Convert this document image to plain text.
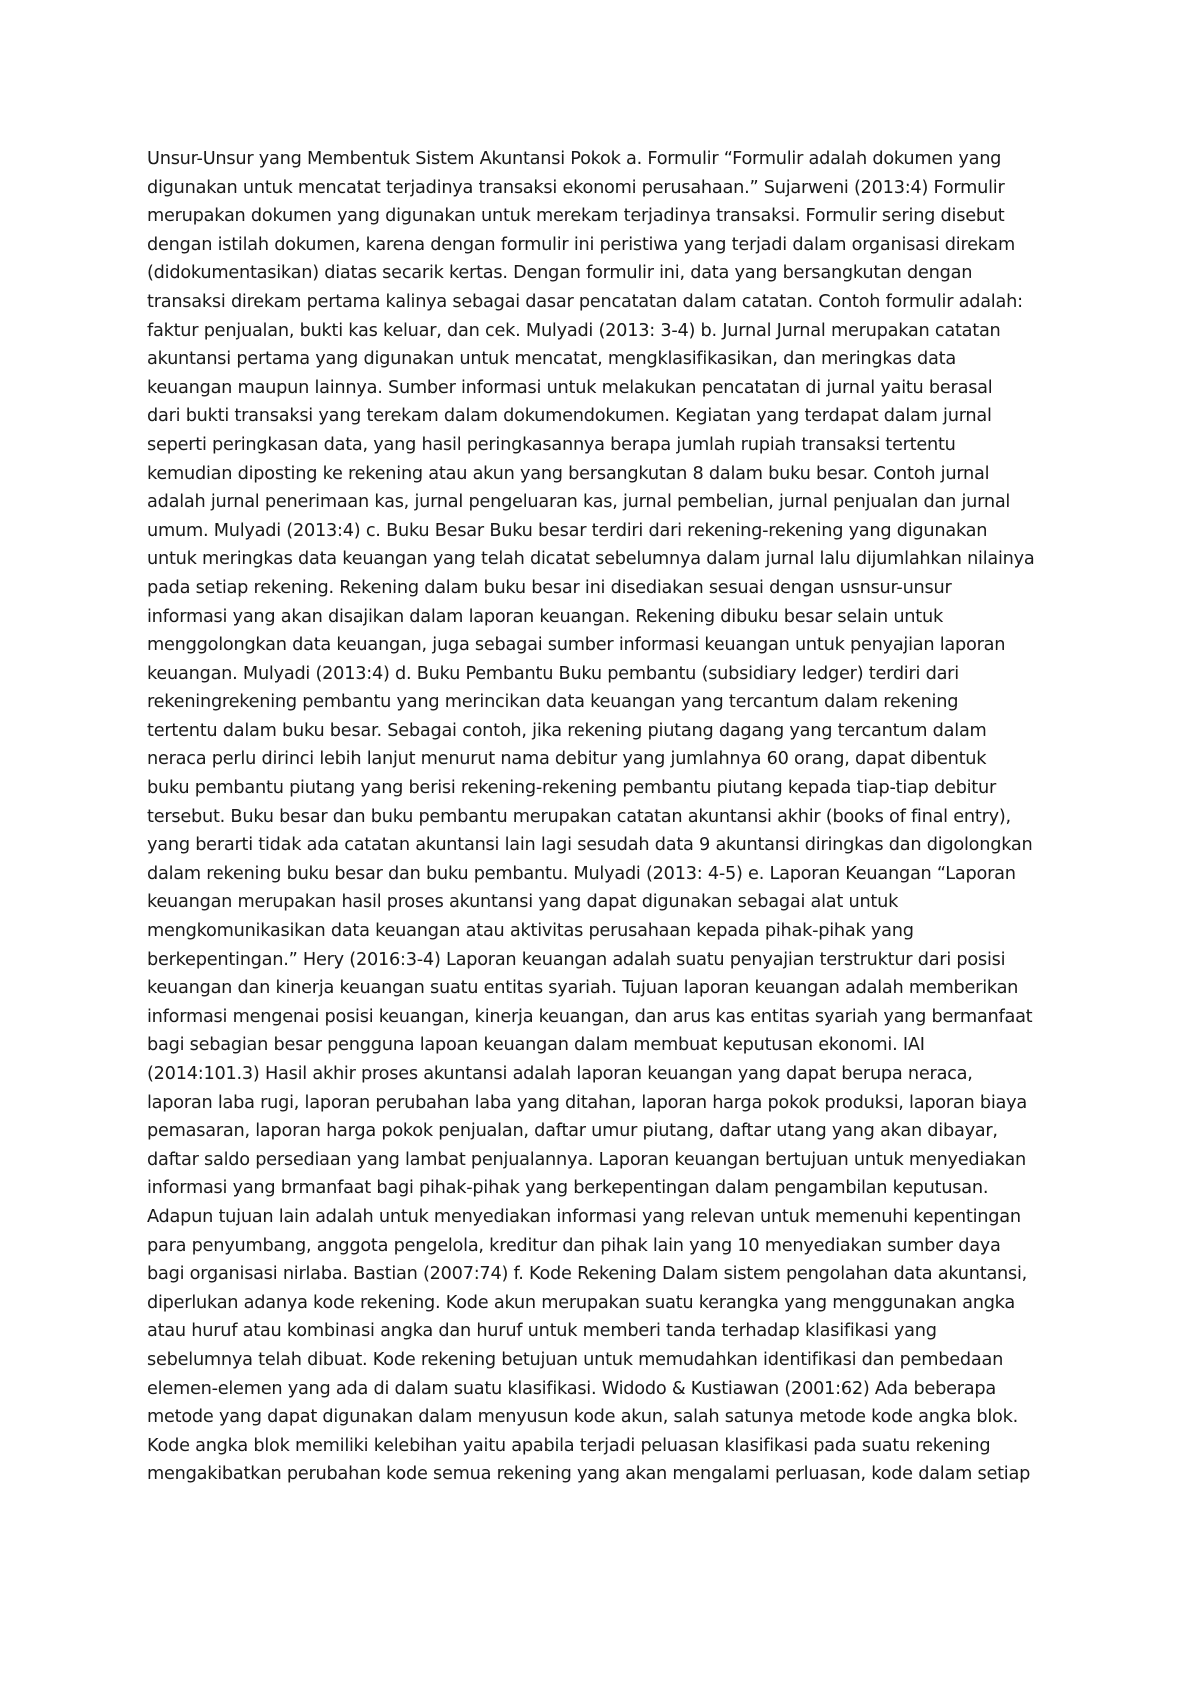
Unsur-Unsur yang Membentuk Sistem Akuntansi Pokok a. Formulir “Formulir adalah dokumen yang
digunakan untuk mencatat terjadinya transaksi ekonomi perusahaan.” Sujarweni (2013:4) Formulir
merupakan dokumen yang digunakan untuk merekam terjadinya transaksi. Formulir sering disebut
dengan istilah dokumen, karena dengan formulir ini peristiwa yang terjadi dalam organisasi direkam
(didokumentasikan) diatas secarik kertas. Dengan formulir ini, data yang bersangkutan dengan
transaksi direkam pertama kalinya sebagai dasar pencatatan dalam catatan. Contoh formulir adalah:
faktur penjualan, bukti kas keluar, dan cek. Mulyadi (2013: 3-4) b. Jurnal Jurnal merupakan catatan
akuntansi pertama yang digunakan untuk mencatat, mengklasifikasikan, dan meringkas data
keuangan maupun lainnya. Sumber informasi untuk melakukan pencatatan di jurnal yaitu berasal
dari bukti transaksi yang terekam dalam dokumendokumen. Kegiatan yang terdapat dalam jurnal
seperti peringkasan data, yang hasil peringkasannya berapa jumlah rupiah transaksi tertentu
kemudian diposting ke rekening atau akun yang bersangkutan 8 dalam buku besar. Contoh jurnal
adalah jurnal penerimaan kas, jurnal pengeluaran kas, jurnal pembelian, jurnal penjualan dan jurnal
umum. Mulyadi (2013:4) c. Buku Besar Buku besar terdiri dari rekening-rekening yang digunakan
untuk meringkas data keuangan yang telah dicatat sebelumnya dalam jurnal lalu dijumlahkan nilainya
pada setiap rekening. Rekening dalam buku besar ini disediakan sesuai dengan usnsur-unsur
informasi yang akan disajikan dalam laporan keuangan. Rekening dibuku besar selain untuk
menggolongkan data keuangan, juga sebagai sumber informasi keuangan untuk penyajian laporan
keuangan. Mulyadi (2013:4) d. Buku Pembantu Buku pembantu (subsidiary ledger) terdiri dari
rekeningrekening pembantu yang merincikan data keuangan yang tercantum dalam rekening
tertentu dalam buku besar. Sebagai contoh, jika rekening piutang dagang yang tercantum dalam
neraca perlu dirinci lebih lanjut menurut nama debitur yang jumlahnya 60 orang, dapat dibentuk
buku pembantu piutang yang berisi rekening-rekening pembantu piutang kepada tiap-tiap debitur
tersebut. Buku besar dan buku pembantu merupakan catatan akuntansi akhir (books of final entry),
yang berarti tidak ada catatan akuntansi lain lagi sesudah data 9 akuntansi diringkas dan digolongkan
dalam rekening buku besar dan buku pembantu. Mulyadi (2013: 4-5) e. Laporan Keuangan “Laporan
keuangan merupakan hasil proses akuntansi yang dapat digunakan sebagai alat untuk
mengkomunikasikan data keuangan atau aktivitas perusahaan kepada pihak-pihak yang
berkepentingan.” Hery (2016:3-4) Laporan keuangan adalah suatu penyajian terstruktur dari posisi
keuangan dan kinerja keuangan suatu entitas syariah. Tujuan laporan keuangan adalah memberikan
informasi mengenai posisi keuangan, kinerja keuangan, dan arus kas entitas syariah yang bermanfaat
bagi sebagian besar pengguna lapoan keuangan dalam membuat keputusan ekonomi. IAI
(2014:101.3) Hasil akhir proses akuntansi adalah laporan keuangan yang dapat berupa neraca,
laporan laba rugi, laporan perubahan laba yang ditahan, laporan harga pokok produksi, laporan biaya
pemasaran, laporan harga pokok penjualan, daftar umur piutang, daftar utang yang akan dibayar,
daftar saldo persediaan yang lambat penjualannya. Laporan keuangan bertujuan untuk menyediakan
informasi yang brmanfaat bagi pihak-pihak yang berkepentingan dalam pengambilan keputusan.
Adapun tujuan lain adalah untuk menyediakan informasi yang relevan untuk memenuhi kepentingan
para penyumbang, anggota pengelola, kreditur dan pihak lain yang 10 menyediakan sumber daya
bagi organisasi nirlaba. Bastian (2007:74) f. Kode Rekening Dalam sistem pengolahan data akuntansi,
diperlukan adanya kode rekening. Kode akun merupakan suatu kerangka yang menggunakan angka
atau huruf atau kombinasi angka dan huruf untuk memberi tanda terhadap klasifikasi yang
sebelumnya telah dibuat. Kode rekening betujuan untuk memudahkan identifikasi dan pembedaan
elemen-elemen yang ada di dalam suatu klasifikasi. Widodo & Kustiawan (2001:62) Ada beberapa
metode yang dapat digunakan dalam menyusun kode akun, salah satunya metode kode angka blok.
Kode angka blok memiliki kelebihan yaitu apabila terjadi peluasan klasifikasi pada suatu rekening
mengakibatkan perubahan kode semua rekening yang akan mengalami perluasan, kode dalam setiap
